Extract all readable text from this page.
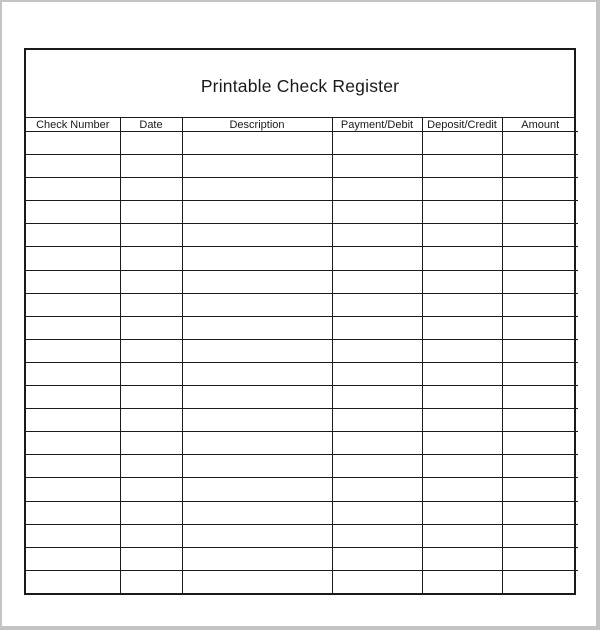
Printable Check Register
Check Number	Date	Description	Payment/Debit	Deposit/Credit	Amount
